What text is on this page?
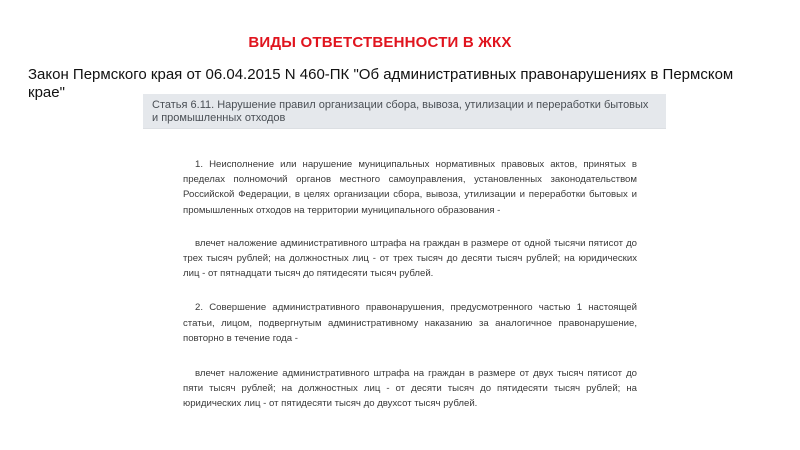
ВИДЫ ОТВЕТСТВЕННОСТИ В ЖКХ
Закон Пермского края от 06.04.2015 N 460-ПК "Об административных правонарушениях в Пермском крае"
Статья 6.11. Нарушение правил организации сбора, вывоза, утилизации и переработки бытовых и промышленных отходов

1. Неисполнение или нарушение муниципальных нормативных правовых актов, принятых в пределах полномочий органов местного самоуправления, установленных законодательством Российской Федерации, в целях организации сбора, вывоза, утилизации и переработки бытовых и промышленных отходов на территории муниципального образования -

влечет наложение административного штрафа на граждан в размере от одной тысячи пятисот до трех тысяч рублей; на должностных лиц - от трех тысяч до десяти тысяч рублей; на юридических лиц - от пятнадцати тысяч до пятидесяти тысяч рублей.

2. Совершение административного правонарушения, предусмотренного частью 1 настоящей статьи, лицом, подвергнутым административному наказанию за аналогичное правонарушение, повторно в течение года -

влечет наложение административного штрафа на граждан в размере от двух тысяч пятисот до пяти тысяч рублей; на должностных лиц - от десяти тысяч до пятидесяти тысяч рублей; на юридических лиц - от пятидесяти тысяч до двухсот тысяч рублей.
